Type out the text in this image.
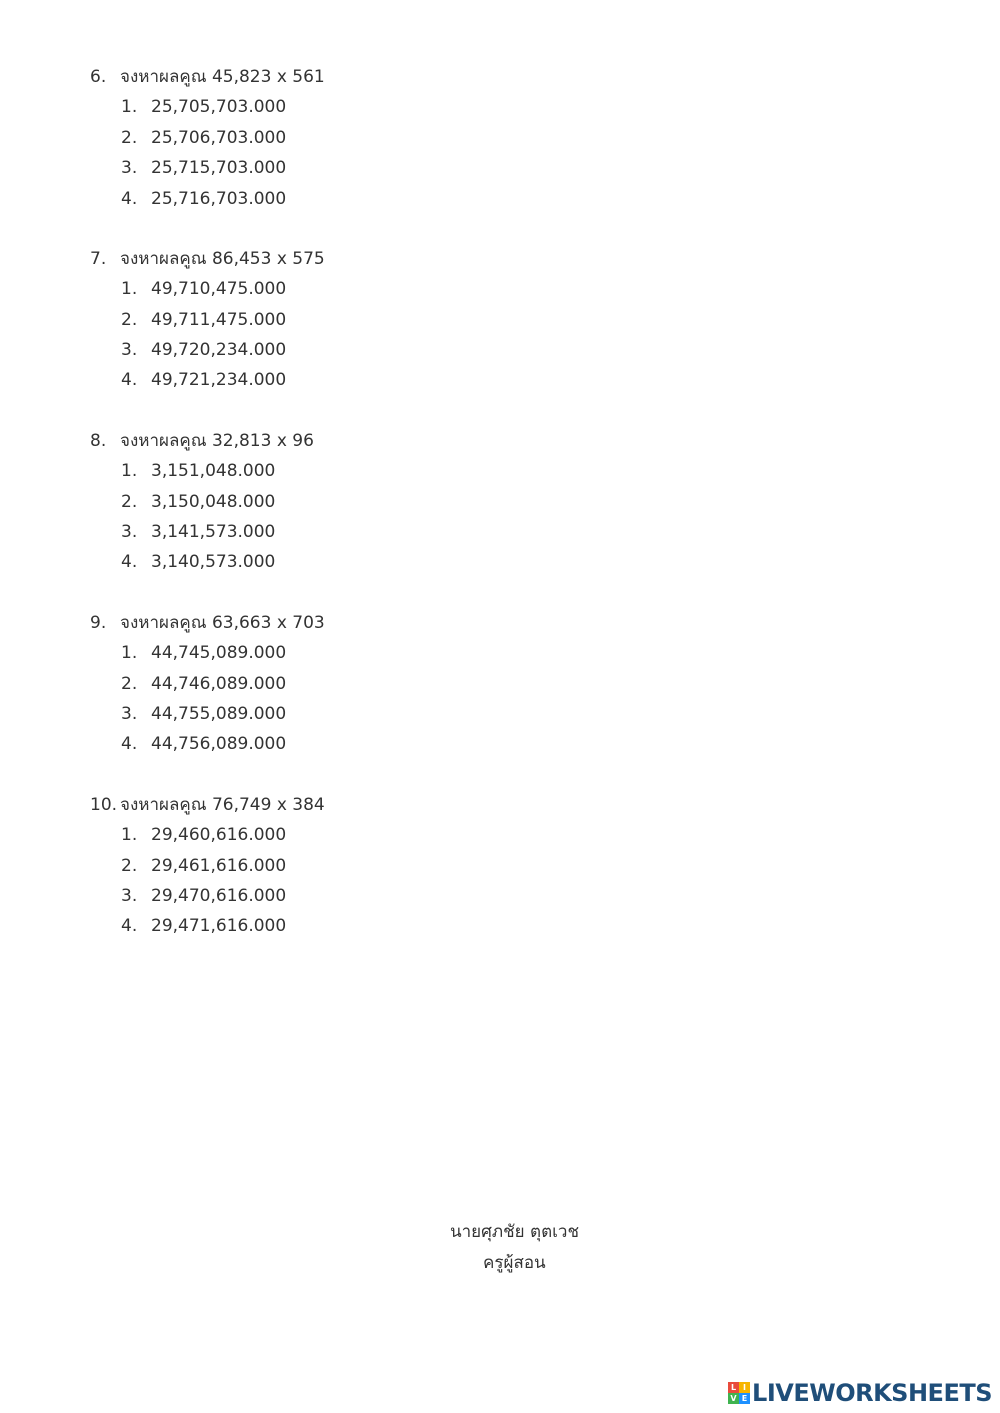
6. จงหาผลคูณ 45,823 x 561
1. 25,705,703.000
2. 25,706,703.000
3. 25,715,703.000
4. 25,716,703.000
7. จงหาผลคูณ 86,453 x 575
1. 49,710,475.000
2. 49,711,475.000
3. 49,720,234.000
4. 49,721,234.000
8. จงหาผลคูณ 32,813 x 96
1. 3,151,048.000
2. 3,150,048.000
3. 3,141,573.000
4. 3,140,573.000
9. จงหาผลคูณ 63,663 x 703
1. 44,745,089.000
2. 44,746,089.000
3. 44,755,089.000
4. 44,756,089.000
10. จงหาผลคูณ 76,749 x 384
1. 29,460,616.000
2. 29,461,616.000
3. 29,470,616.000
4. 29,471,616.000
นายศุภชัย ตุตเวช
ครูผู้สอน
L I
V E LIVEWORKSHEETS
